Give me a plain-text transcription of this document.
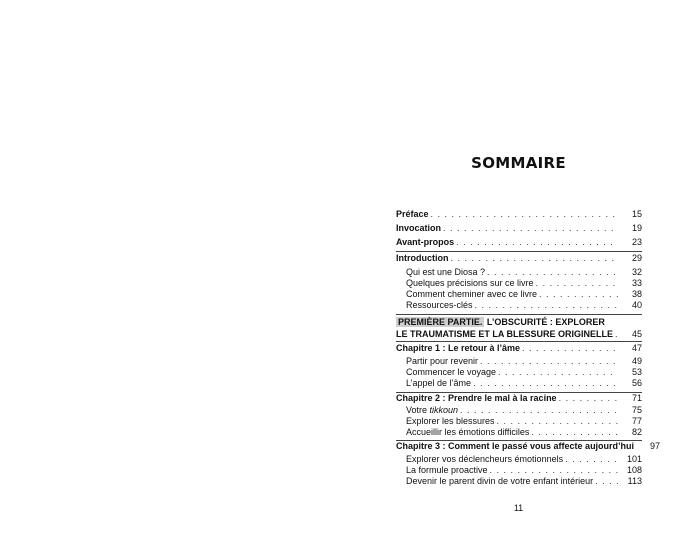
SOMMAIRE
Préface . . .	15
Invocation . . .	19
Avant-propos . . .	23
Introduction . . .	29
Qui est une Diosa ? . . .	32
Quelques précisions sur ce livre . . .	33
Comment cheminer avec ce livre . . .	38
Ressources-clés . . .	40
PREMIÈRE PARTIE. L’OBSCURITÉ : EXPLORER
LE TRAUMATISME ET LA BLESSURE ORIGINELLE . . .	45
Chapitre 1 : Le retour à l’âme . . .	47
Partir pour revenir . . .	49
Commencer le voyage . . .	53
L’appel de l’âme . . .	56
Chapitre 2 : Prendre le mal à la racine . . .	71
Votre tikkoun . . .	75
Explorer les blessures . . .	77
Accueillir les émotions difficiles . . .	82
Chapitre 3 : Comment le passé vous affecte aujourd’hui	97
Explorer vos déclencheurs émotionnels . . .	101
La formule proactive . . .	108
Devenir le parent divin de votre enfant intérieur . . .	113
11
